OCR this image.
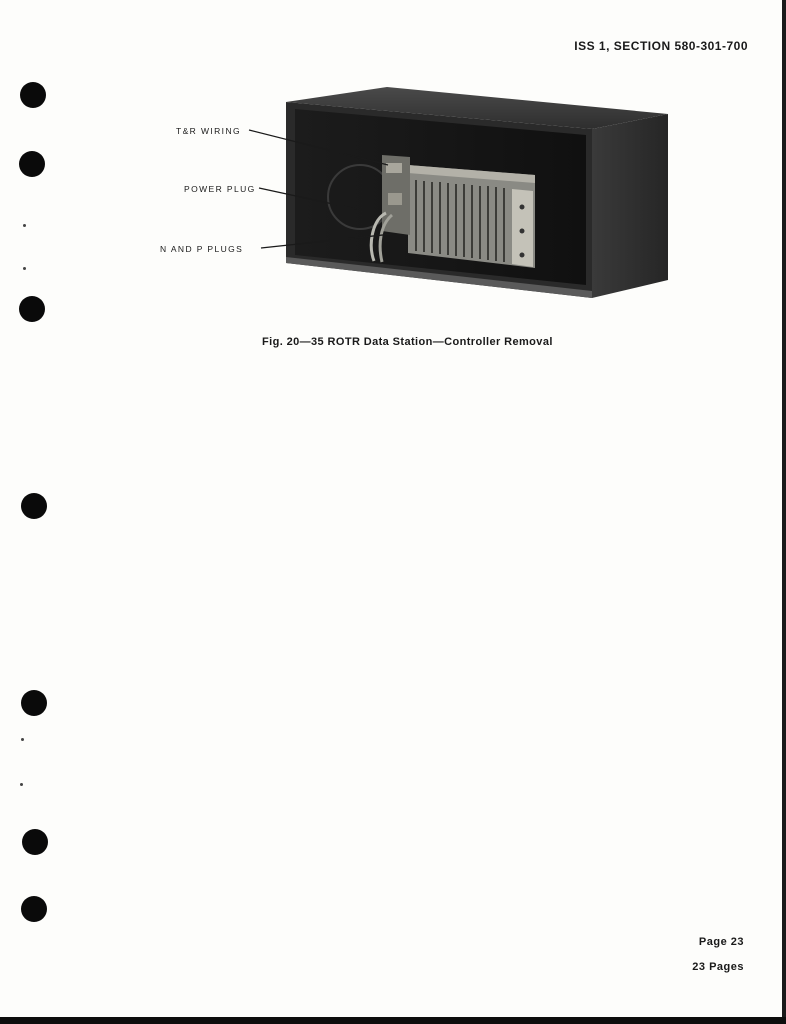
ISS 1, SECTION 580-301-700
T&R WIRING
POWER PLUG
N AND P PLUGS
Fig. 20—35 ROTR Data Station—Controller Removal
Page 23
23 Pages
